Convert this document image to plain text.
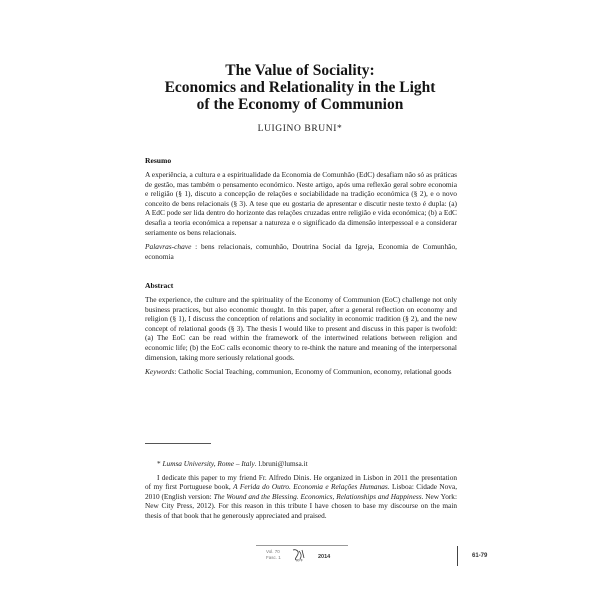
The Value of Sociality:
Economics and Relationality in the Light
of the Economy of Communion
LUIGINO BRUNI*
Resumo

A experiência, a cultura e a espiritualidade da Economia de Comunhão (EdC) desafiam não só as práticas de gestão, mas também o pensamento económico. Neste artigo, após uma reflexão geral sobre economia e religião (§ 1), discuto a concepção de relações e sociabilidade na tradição económica (§ 2), e o novo conceito de bens relacionais (§ 3). A tese que eu gostaria de apresentar e discutir neste texto é dupla: (a) A EdC pode ser lida dentro do horizonte das relações cruzadas entre religião e vida económica; (b) a EdC desafia a teoria económica a repensar a natureza e o significado da dimensão interpessoal e a considerar seriamente os bens relacionais.

Palavras-chave : bens relacionais, comunhão, Doutrina Social da Igreja, Economia de Comunhão, economia
Abstract

The experience, the culture and the spirituality of the Economy of Communion (EoC) challenge not only business practices, but also economic thought. In this paper, after a general reflection on economy and religion (§ 1), I discuss the conception of relations and sociality in economic tradition (§ 2), and the new concept of relational goods (§ 3). The thesis I would like to present and discuss in this paper is twofold: (a) The EoC can be read within the framework of the intertwined relations between religion and economic life; (b) the EoC calls economic theory to re-think the nature and meaning of the interpersonal dimension, taking more seriously relational goods.

Keywords: Catholic Social Teaching, communion, Economy of Communion, economy, relational goods
* Lumsa University, Rome – Italy. l.bruni@lumsa.it

I dedicate this paper to my friend Fr. Alfredo Dinis. He organized in Lisbon in 2011 the presentation of my first Portuguese book, A Ferida do Outro. Economia e Relações Humanas. Lisboa: Cidade Nova, 2010 (English version: The Wound and the Blessing. Economics, Relationships and Happiness. New York: New City Press, 2012). For this reason in this tribute I have chosen to base my discourse on the main thesis of that book that he generously appreciated and praised.

Vol. 70
Fasc. 1
RPF
2014	61-79
